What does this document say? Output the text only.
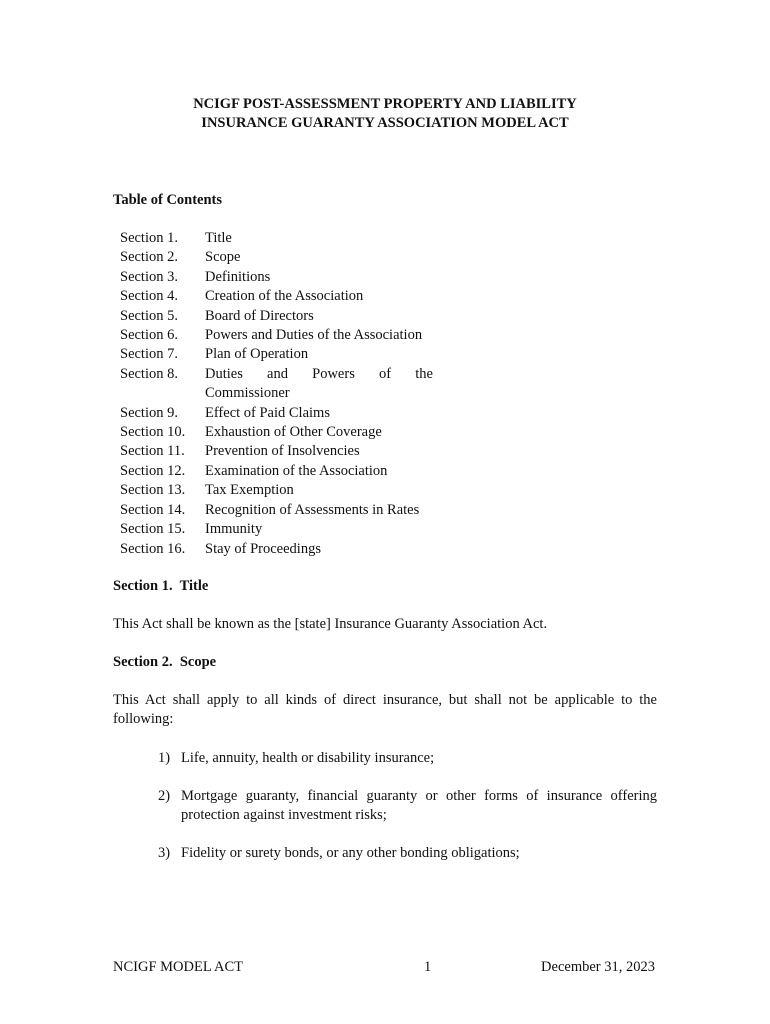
NCIGF POST-ASSESSMENT PROPERTY AND LIABILITY
INSURANCE GUARANTY ASSOCIATION MODEL ACT
Table of Contents
Section 1.	Title
Section 2.	Scope
Section 3.	Definitions
Section 4.	Creation of the Association
Section 5.	Board of Directors
Section 6.	Powers and Duties of the Association
Section 7.	Plan of Operation
Section 8.	Duties and Powers of the
Commissioner
Section 9.	Effect of Paid Claims
Section 10.	Exhaustion of Other Coverage
Section 11.	Prevention of Insolvencies
Section 12.	Examination of the Association
Section 13.	Tax Exemption
Section 14.	Recognition of Assessments in Rates
Section 15.	Immunity
Section 16.	Stay of Proceedings
Section 1.  Title
This Act shall be known as the [state] Insurance Guaranty Association Act.
Section 2.  Scope
This Act shall apply to all kinds of direct insurance, but shall not be applicable to the following:
1) Life, annuity, health or disability insurance;
2) Mortgage guaranty, financial guaranty or other forms of insurance offering protection against investment risks;
3) Fidelity or surety bonds, or any other bonding obligations;
NCIGF MODEL ACT	1	December 31, 2023
